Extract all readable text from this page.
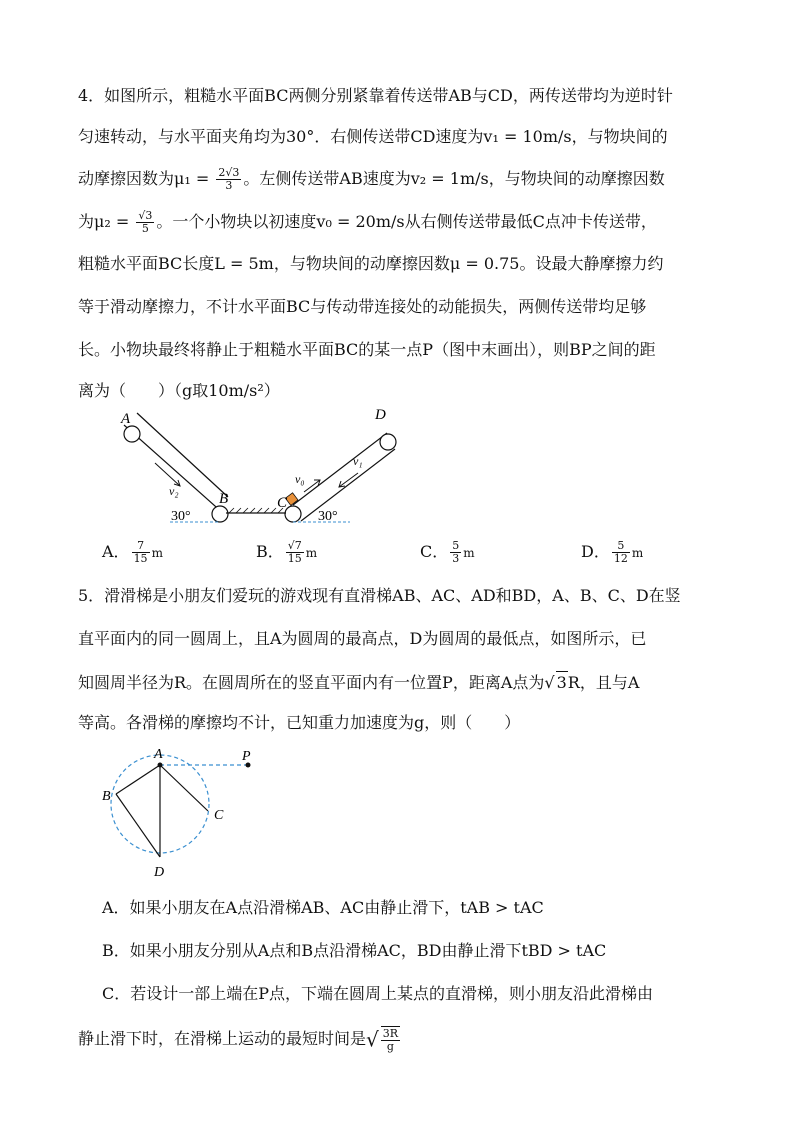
4．如图所示，粗糙水平面BC两侧分别紧靠着传送带AB与CD，两传送带均为逆时针
匀速转动，与水平面夹角均为30°．右侧传送带CD速度为v₁ = 10m/s，与物块间的
动摩擦因数为$\mu_1 = \frac{2√3}{3}$ 。左侧传送带AB速度为v₂ = 1m/s，与物块间的动摩擦因数
为$\mu_2 = \frac{√3}{5}$ 。一个小物块以初速度v₀ = 20m/s从右侧传送带最低C点冲卡传送带，
粗糙水平面BC长度L = 5m，与物块间的动摩擦因数μ = 0.75。设最大静摩擦力约
等于滑动摩擦力，不计水平面BC与传动带连接处的动能损失，两侧传送带均足够
长。小物块最终将静止于粗糙水平面BC的某一点P（图中末画出），则BP之间的距
离为（　　）（g取10m/s²）
A
B	C
D
v₂
v₁
v₀
30°	30°
A． $\frac{7}{15}$ m	B． $\frac{√7}{15}$ m	C． $\frac{5}{3}$ m	D． $\frac{5}{12}$ m
5．滑滑梯是小朋友们爱玩的游戏现有直滑梯AB、AC、AD和BD，A、B、C、D在竖
直平面内的同一圆周上，且A为圆周的最高点，D为圆周的最低点，如图所示，已
知圆周半径为R。在圆周所在的竖直平面内有一位置P，距离A点为√ 3R，且与A
等高。各滑梯的摩擦均不计，已知重力加速度为g，则（　　）
A	P
B
C
D
A．如果小朋友在A点沿滑梯AB、AC由静止滑下，tAB > tAC
B．如果小朋友分别从A点和B点沿滑梯AC，BD由静止滑下tBD > tAC
C．若设计一部上端在P点，下端在圆周上某点的直滑梯，则小朋友沿此滑梯由
静止滑下时，在滑梯上运动的最短时间是√ $\frac{3R}{g}$
